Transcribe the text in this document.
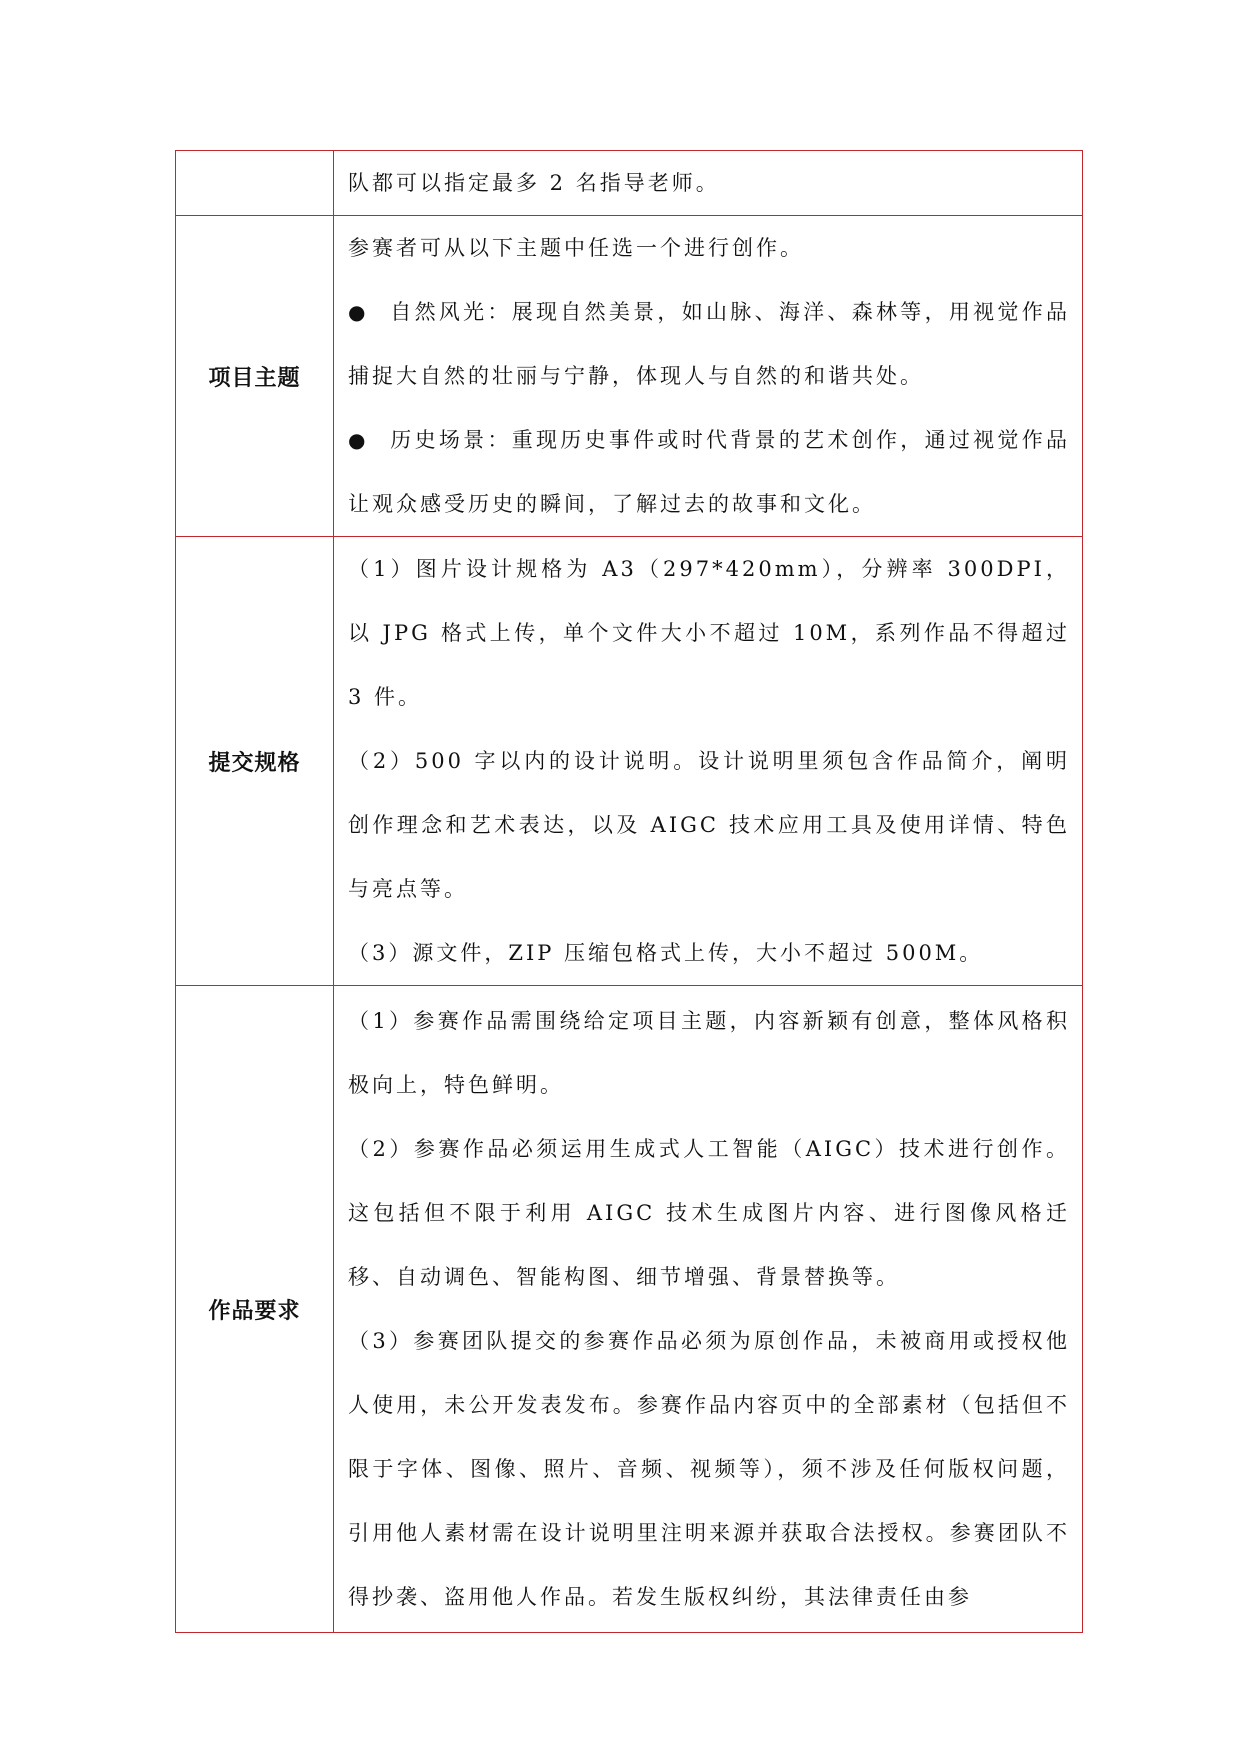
	队都可以指定最多 2 名指导老师。

项目主题	参赛者可从以下主题中任选一个进行创作。

● 自然风光：展现自然美景，如山脉、海洋、森林等，用视觉作品捕捉大自然的壮丽与宁静，体现人与自然的和谐共处。

● 历史场景：重现历史事件或时代背景的艺术创作，通过视觉作品让观众感受历史的瞬间，了解过去的故事和文化。

提交规格	（1）图片设计规格为 A3（297*420mm），分辨率 300DPI，以 JPG 格式上传，单个文件大小不超过 10M，系列作品不得超过 3 件。

（2）500 字以内的设计说明。设计说明里须包含作品简介，阐明创作理念和艺术表达，以及 AIGC 技术应用工具及使用详情、特色与亮点等。

（3）源文件，ZIP 压缩包格式上传，大小不超过 500M。

作品要求	（1）参赛作品需围绕给定项目主题，内容新颖有创意，整体风格积极向上，特色鲜明。

（2）参赛作品必须运用生成式人工智能（AIGC）技术进行创作。这包括但不限于利用 AIGC 技术生成图片内容、进行图像风格迁移、自动调色、智能构图、细节增强、背景替换等。

（3）参赛团队提交的参赛作品必须为原创作品，未被商用或授权他人使用，未公开发表发布。参赛作品内容页中的全部素材（包括但不限于字体、图像、照片、音频、视频等），须不涉及任何版权问题，引用他人素材需在设计说明里注明来源并获取合法授权。参赛团队不得抄袭、盗用他人作品。若发生版权纠纷，其法律责任由参
